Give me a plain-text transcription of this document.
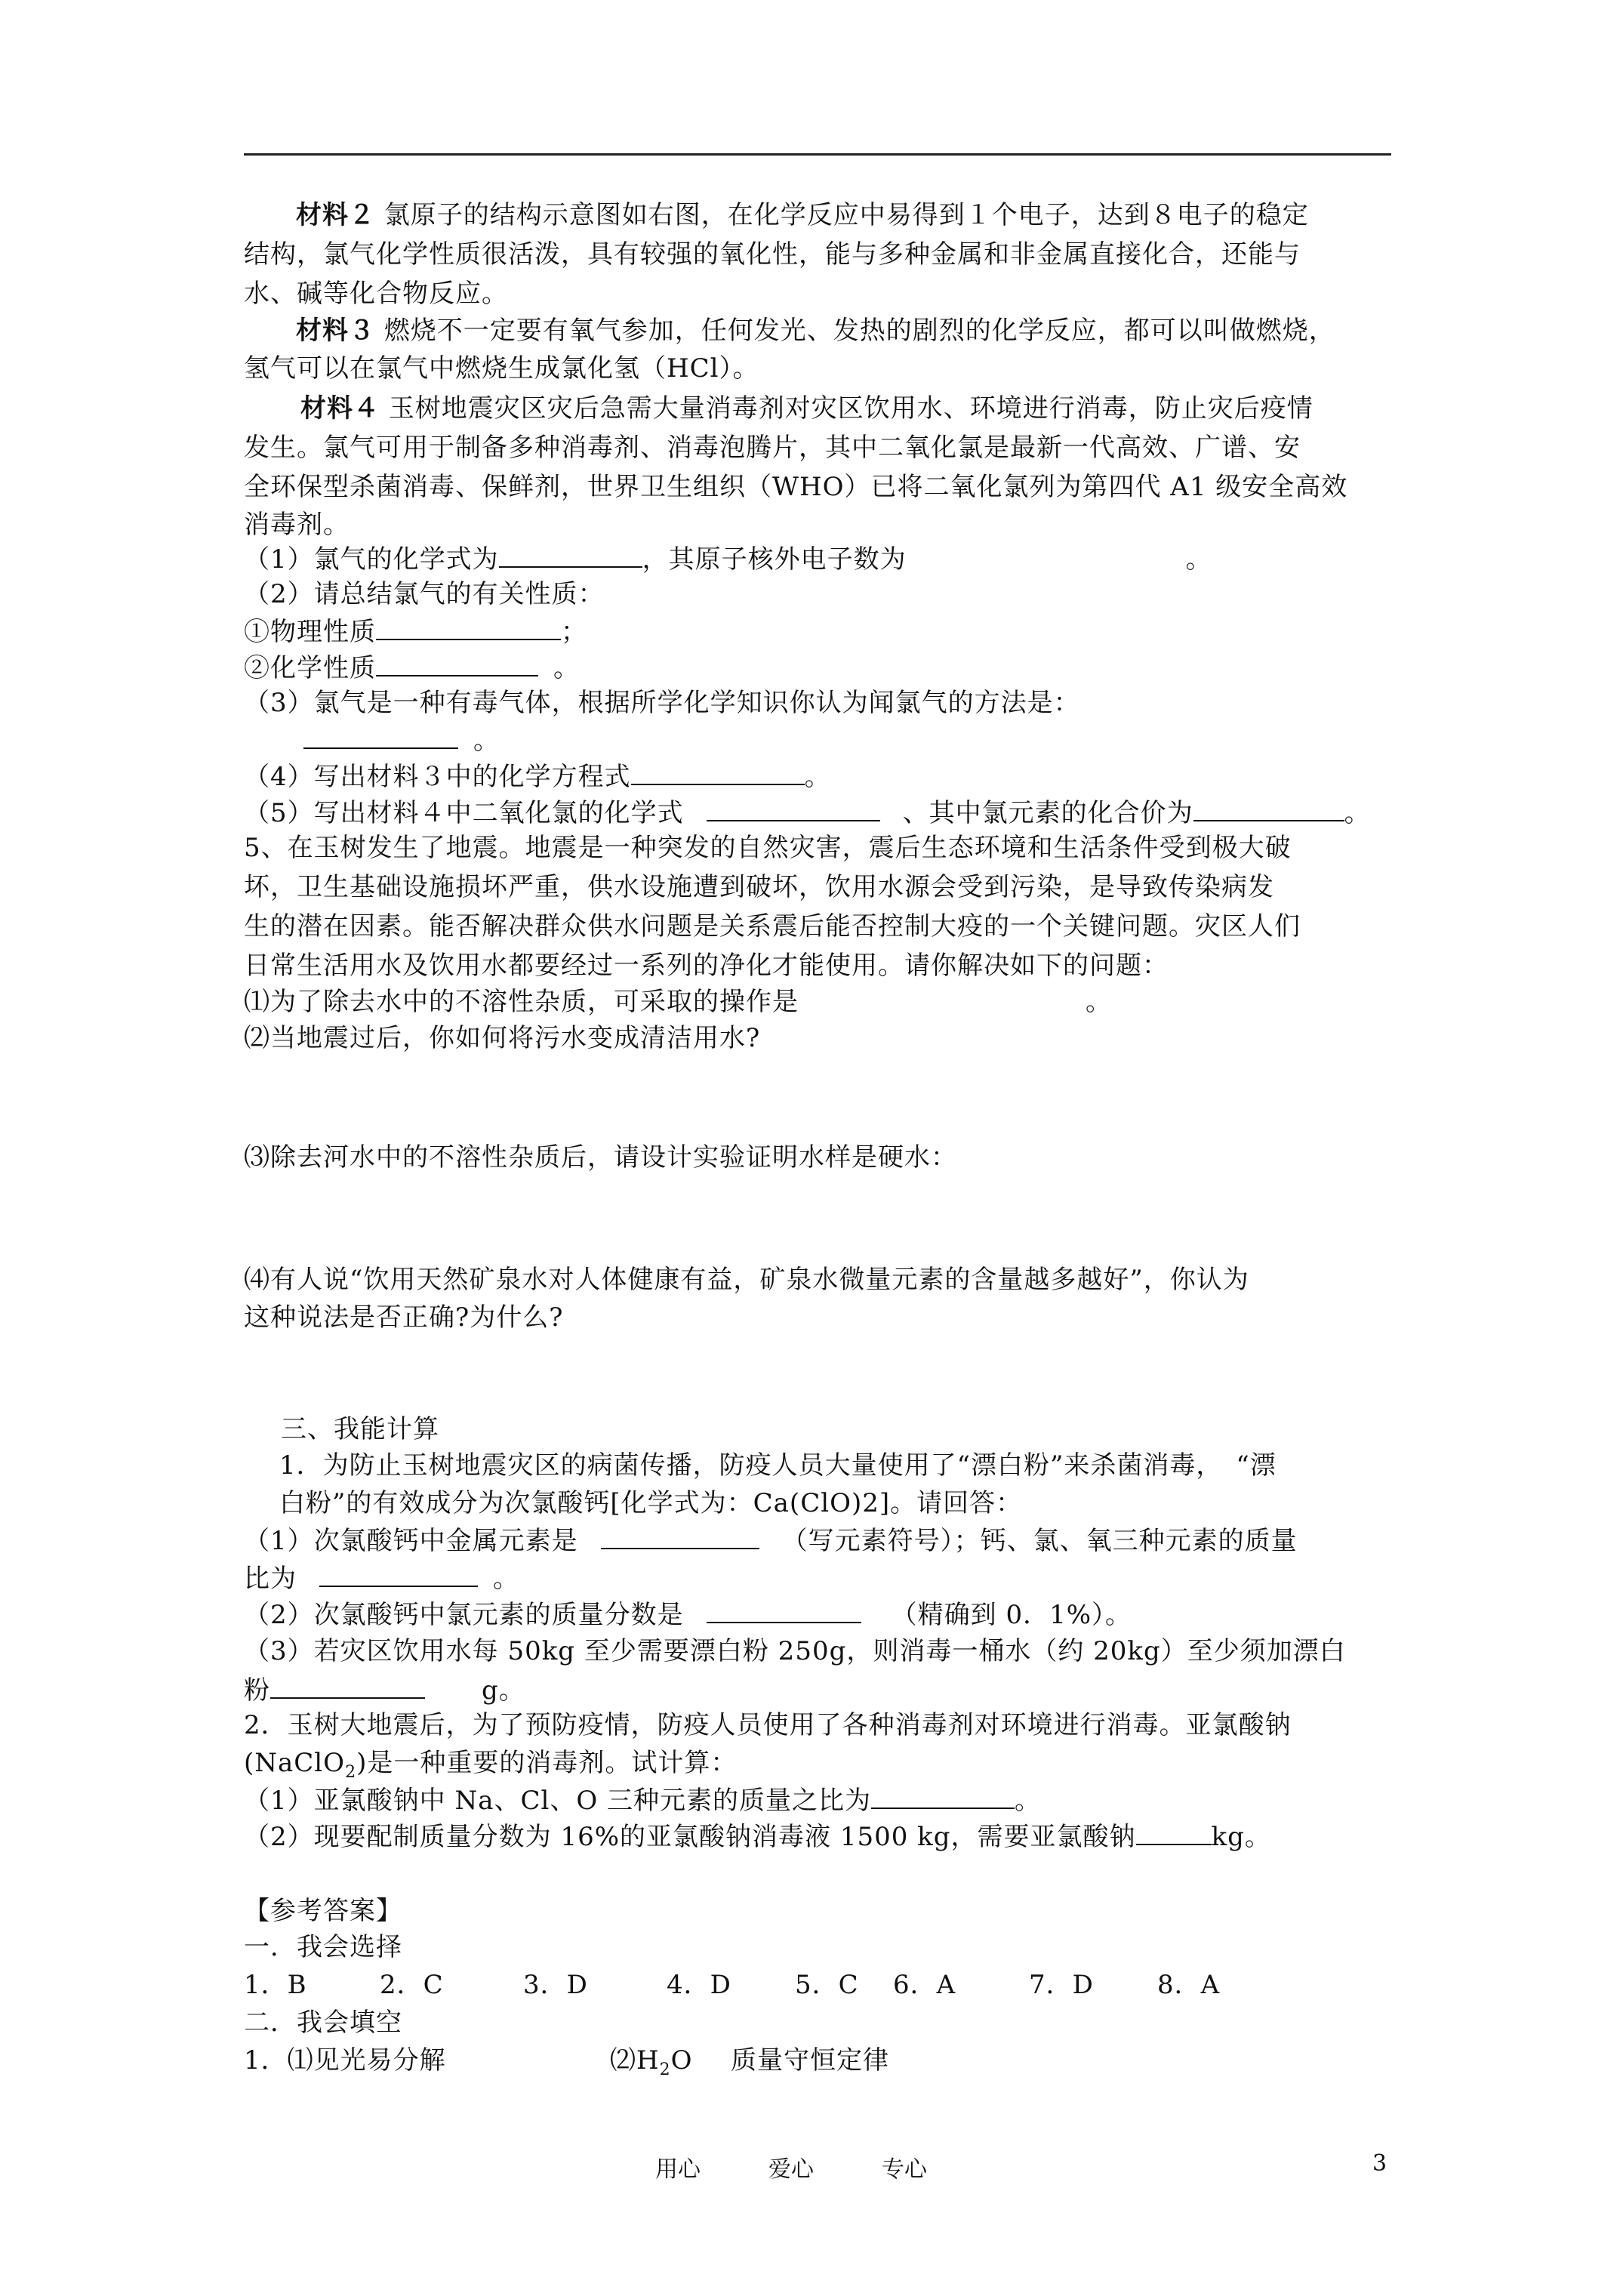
材料２ 氯原子的结构示意图如右图，在化学反应中易得到１个电子，达到８电子的稳定
结构，氯气化学性质很活泼，具有较强的氧化性，能与多种金属和非金属直接化合，还能与
水、碱等化合物反应。
材料３ 燃烧不一定要有氧气参加，任何发光、发热的剧烈的化学反应，都可以叫做燃烧，
氢气可以在氯气中燃烧生成氯化氢（HCl）。
材料４ 玉树地震灾区灾后急需大量消毒剂对灾区饮用水、环境进行消毒，防止灾后疫情
发生。氯气可用于制备多种消毒剂、消毒泡腾片，其中二氧化氯是最新一代高效、广谱、安
全环保型杀菌消毒、保鲜剂，世界卫生组织（WHO）已将二氧化氯列为第四代 A1 级安全高效
消毒剂。
（1）氯气的化学式为	，其原子核外电子数为	。
（2）请总结氯气的有关性质：
①物理性质	；
②化学性质	。
（3）氯气是一种有毒气体，根据所学化学知识你认为闻氯气的方法是：
。
（4）写出材料３中的化学方程式	。
（5）写出材料４中二氧化氯的化学式	、其中氯元素的化合价为	。
5、在玉树发生了地震。地震是一种突发的自然灾害，震后生态环境和生活条件受到极大破
坏，卫生基础设施损坏严重，供水设施遭到破坏，饮用水源会受到污染，是导致传染病发
生的潜在因素。能否解决群众供水问题是关系震后能否控制大疫的一个关键问题。灾区人们
日常生活用水及饮用水都要经过一系列的净化才能使用。请你解决如下的问题：
⑴为了除去水中的不溶性杂质，可采取的操作是	。
⑵当地震过后，你如何将污水变成清洁用水?
⑶除去河水中的不溶性杂质后，请设计实验证明水样是硬水：
⑷有人说“饮用天然矿泉水对人体健康有益，矿泉水微量元素的含量越多越好”，你认为
这种说法是否正确?为什么?
三、我能计算
1．为防止玉树地震灾区的病菌传播，防疫人员大量使用了“漂白粉”来杀菌消毒，　“漂
白粉”的有效成分为次氯酸钙[化学式为：Ca(ClO)2]。请回答：
（1）次氯酸钙中金属元素是	（写元素符号）；钙、氯、氧三种元素的质量
比为	。
（2）次氯酸钙中氯元素的质量分数是	（精确到 0．1%）。
（3）若灾区饮用水每 50kg 至少需要漂白粉 250g，则消毒一桶水（约 20kg）至少须加漂白
粉	g。
2．玉树大地震后，为了预防疫情，防疫人员使用了各种消毒剂对环境进行消毒。亚氯酸钠
(NaClO$_2$)是一种重要的消毒剂。试计算：
（1）亚氯酸钠中 Na、Cl、O 三种元素的质量之比为	。
（2）现要配制质量分数为 16%的亚氯酸钠消毒液 1500 kg，需要亚氯酸钠	kg。
【参考答案】
一．我会选择
1．B	2．C	3．D	4．D 5．C 6．A	7．D 8．A
二．我会填空
1．⑴见光易分解	$⑵H_2O$ 质量守恒定律
用心	爱心	专心	3
